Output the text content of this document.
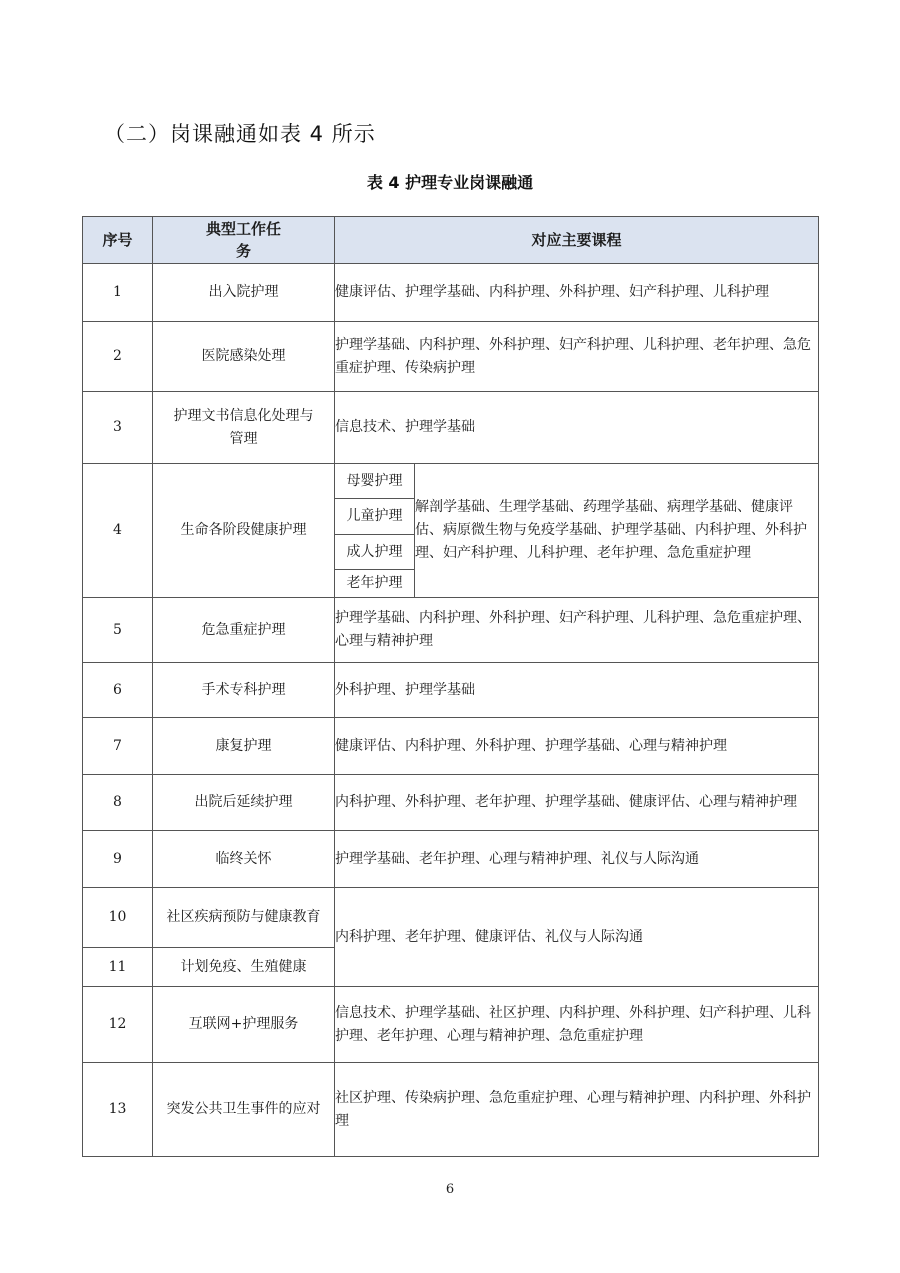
（二）岗课融通如表 4 所示
表 4 护理专业岗课融通
序号	典型工作任务	对应主要课程	
1	出入院护理	健康评估、护理学基础、内科护理、外科护理、妇产科护理、儿科护理	
2	医院感染处理	护理学基础、内科护理、外科护理、妇产科护理、儿科护理、老年护理、急危重症护理、传染病护理	
3	护理文书信息化处理与管理	信息技术、护理学基础	
4	生命各阶段健康护理	母婴护理	解剖学基础、生理学基础、药理学基础、病理学基础、健康评估、病原微生物与免疫学基础、护理学基础、内科护理、外科护理、妇产科护理、儿科护理、老年护理、急危重症护理
		儿童护理	
		成人护理	
		老年护理	
5	危急重症护理	护理学基础、内科护理、外科护理、妇产科护理、儿科护理、急危重症护理、心理与精神护理	
6	手术专科护理	外科护理、护理学基础	
7	康复护理	健康评估、内科护理、外科护理、护理学基础、心理与精神护理	
8	出院后延续护理	内科护理、外科护理、老年护理、护理学基础、健康评估、心理与精神护理	
9	临终关怀	护理学基础、老年护理、心理与精神护理、礼仪与人际沟通	
10	社区疾病预防与健康教育	内科护理、老年护理、健康评估、礼仪与人际沟通	
11	计划免疫、生殖健康		
12	互联网+护理服务	信息技术、护理学基础、社区护理、内科护理、外科护理、妇产科护理、儿科护理、老年护理、心理与精神护理、急危重症护理	
13	突发公共卫生事件的应对	社区护理、传染病护理、急危重症护理、心理与精神护理、内科护理、外科护理	
6
